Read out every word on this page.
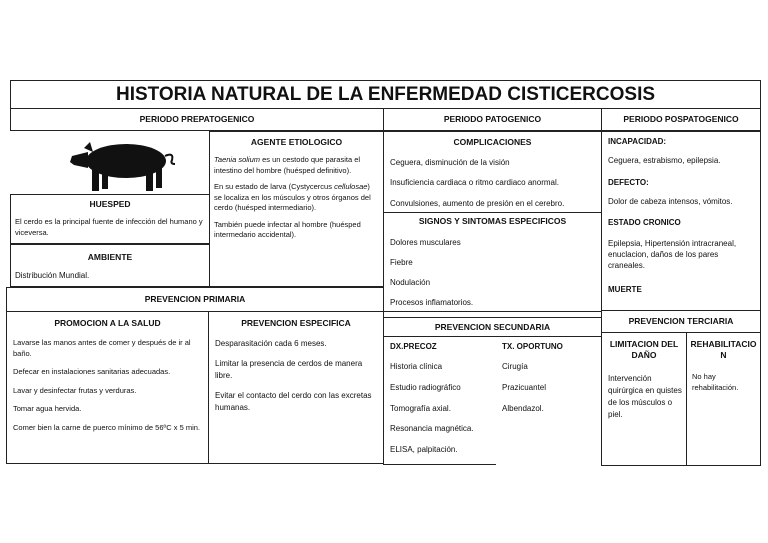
HISTORIA NATURAL DE LA ENFERMEDAD CISTICERCOSIS
PERIODO PREPATOGENICO	PERIODO PATOGENICO	PERIODO POSPATOGENICO
HUESPED
El cerdo es la principal fuente de infección del humano y viceversa.
AMBIENTE
Distribución Mundial.
AGENTE ETIOLOGICO

Taenia solium es un cestodo que parasita el intestino del hombre (huésped definitivo).

En su estado de larva (Cystycercus cellulosae) se localiza en los músculos y otros órganos del cerdo (huésped intermediario).

También puede infectar al hombre (huésped intermedario accidental).

COMPLICACIONES
Ceguera, disminución de la visión
Insuficiencia cardiaca o ritmo cardiaco anormal.
Convulsiones, aumento de presión en el cerebro.
SIGNOS Y SINTOMAS ESPECIFICOS
Dolores musculares
Fiebre
Nodulación
Procesos inflamatorios.
INCAPACIDAD:
Ceguera, estrabismo, epilepsia.
DEFECTO:
Dolor de cabeza intensos, vómitos.
ESTADO CRONICO
Epilepsia, Hipertensión intracraneal, enuclacion, daños de los pares craneales.
MUERTE
PREVENCION PRIMARIA
PROMOCION A LA SALUD

Lavarse las manos antes de comer y después de ir al baño.

Defecar en instalaciones sanitarias adecuadas.

Lavar y desinfectar frutas y verduras.

Tomar agua hervida.

Comer bien la carne de puerco mínimo de 56ºC x 5 min.

PREVENCION ESPECIFICA

Desparasitación cada 6 meses.

Limitar la presencia de cerdos de manera libre.

Evitar el contacto del cerdo con las excretas humanas.

PREVENCION SECUNDARIA
DX.PRECOZ
Historia clínica
Estudio radiográfico
Tomografía axial.
Resonancia magnética.
ELISA, palpitación.
TX. OPORTUNO
Cirugía
Prazicuantel
Albendazol.
PREVENCION TERCIARIA
LIMITACION DEL DAÑO
Intervención quirúrgica en quistes de los músculos o piel.
REHABILITACION
No hay rehabilitación.
